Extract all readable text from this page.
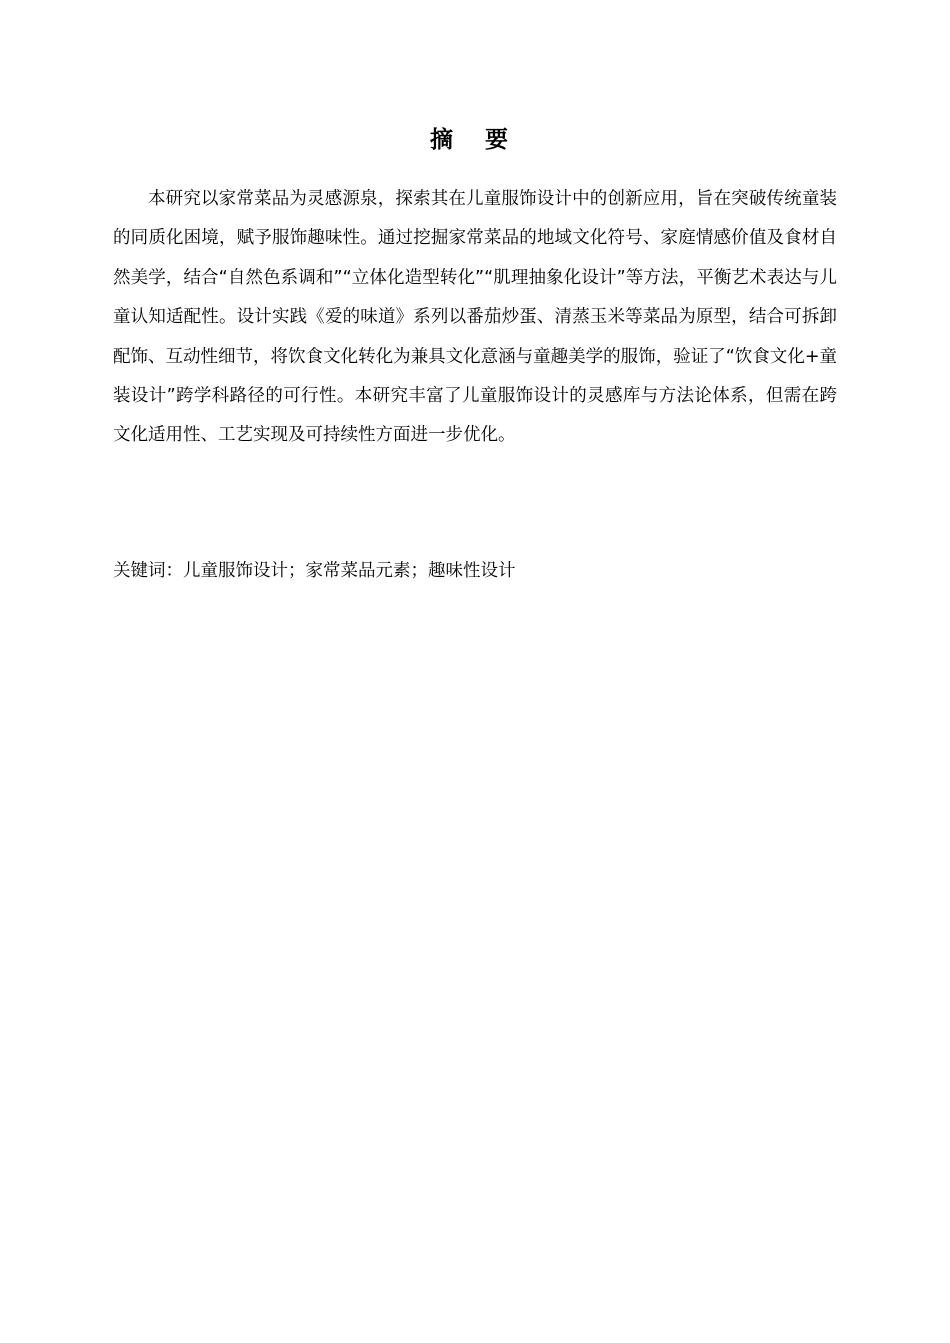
摘 要

本研究以家常菜品为灵感源泉，探索其在儿童服饰设计中的创新应用，旨在突破传统童装的同质化困境，赋予服饰趣味性。通过挖掘家常菜品的地域文化符号、家庭情感价值及食材自然美学，结合“自然色系调和”“立体化造型转化”“肌理抽象化设计”等方法，平衡艺术表达与儿童认知适配性。设计实践《爱的味道》系列以番茄炒蛋、清蒸玉米等菜品为原型，结合可拆卸配饰、互动性细节，将饮食文化转化为兼具文化意涵与童趣美学的服饰，验证了“饮食文化+童装设计”跨学科路径的可行性。本研究丰富了儿童服饰设计的灵感库与方法论体系，但需在跨文化适用性、工艺实现及可持续性方面进一步优化。

关键词：儿童服饰设计；家常菜品元素；趣味性设计
